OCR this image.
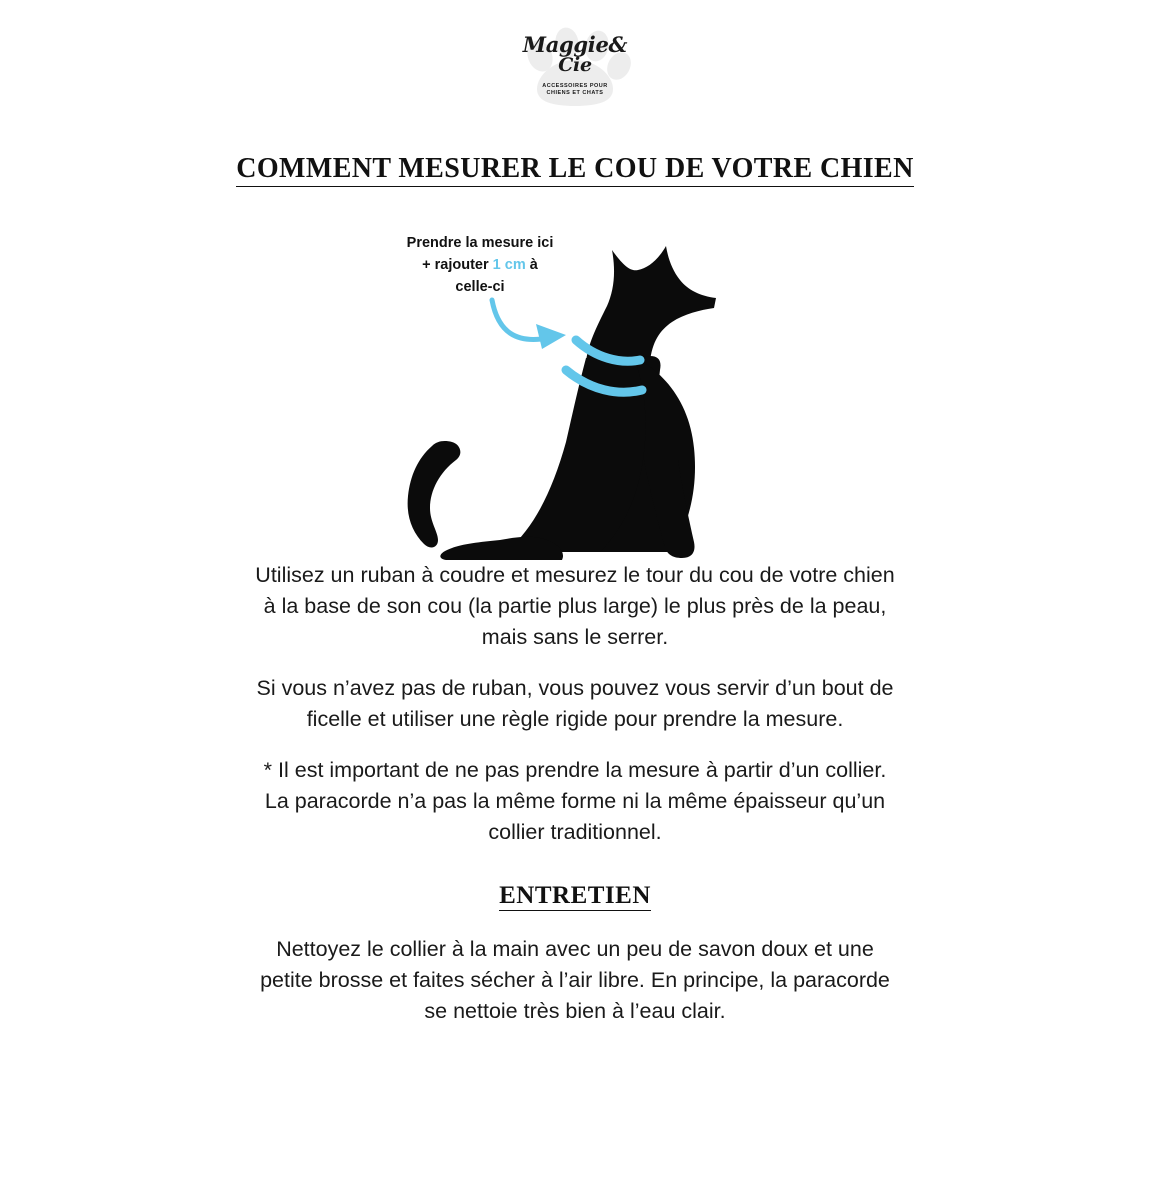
Maggie&
Cie
ACCESSOIRES POUR
CHIENS ET CHATS
COMMENT MESURER LE COU DE VOTRE CHIEN
Prendre la mesure ici
+ rajouter 1 cm à
celle-ci

Utilisez un ruban à coudre et mesurez le tour du cou de votre chien à la base de son cou (la partie plus large) le plus près de la peau, mais sans le serrer.

Si vous n’avez pas de ruban, vous pouvez vous servir d’un bout de ficelle et utiliser une règle rigide pour prendre la mesure.

* Il est important de ne pas prendre la mesure à partir d’un collier. La paracorde n’a pas la même forme ni la même épaisseur qu’un collier traditionnel.

ENTRETIEN

Nettoyez le collier à la main avec un peu de savon doux et une petite brosse et faites sécher à l’air libre. En principe, la paracorde se nettoie très bien à l’eau clair.
